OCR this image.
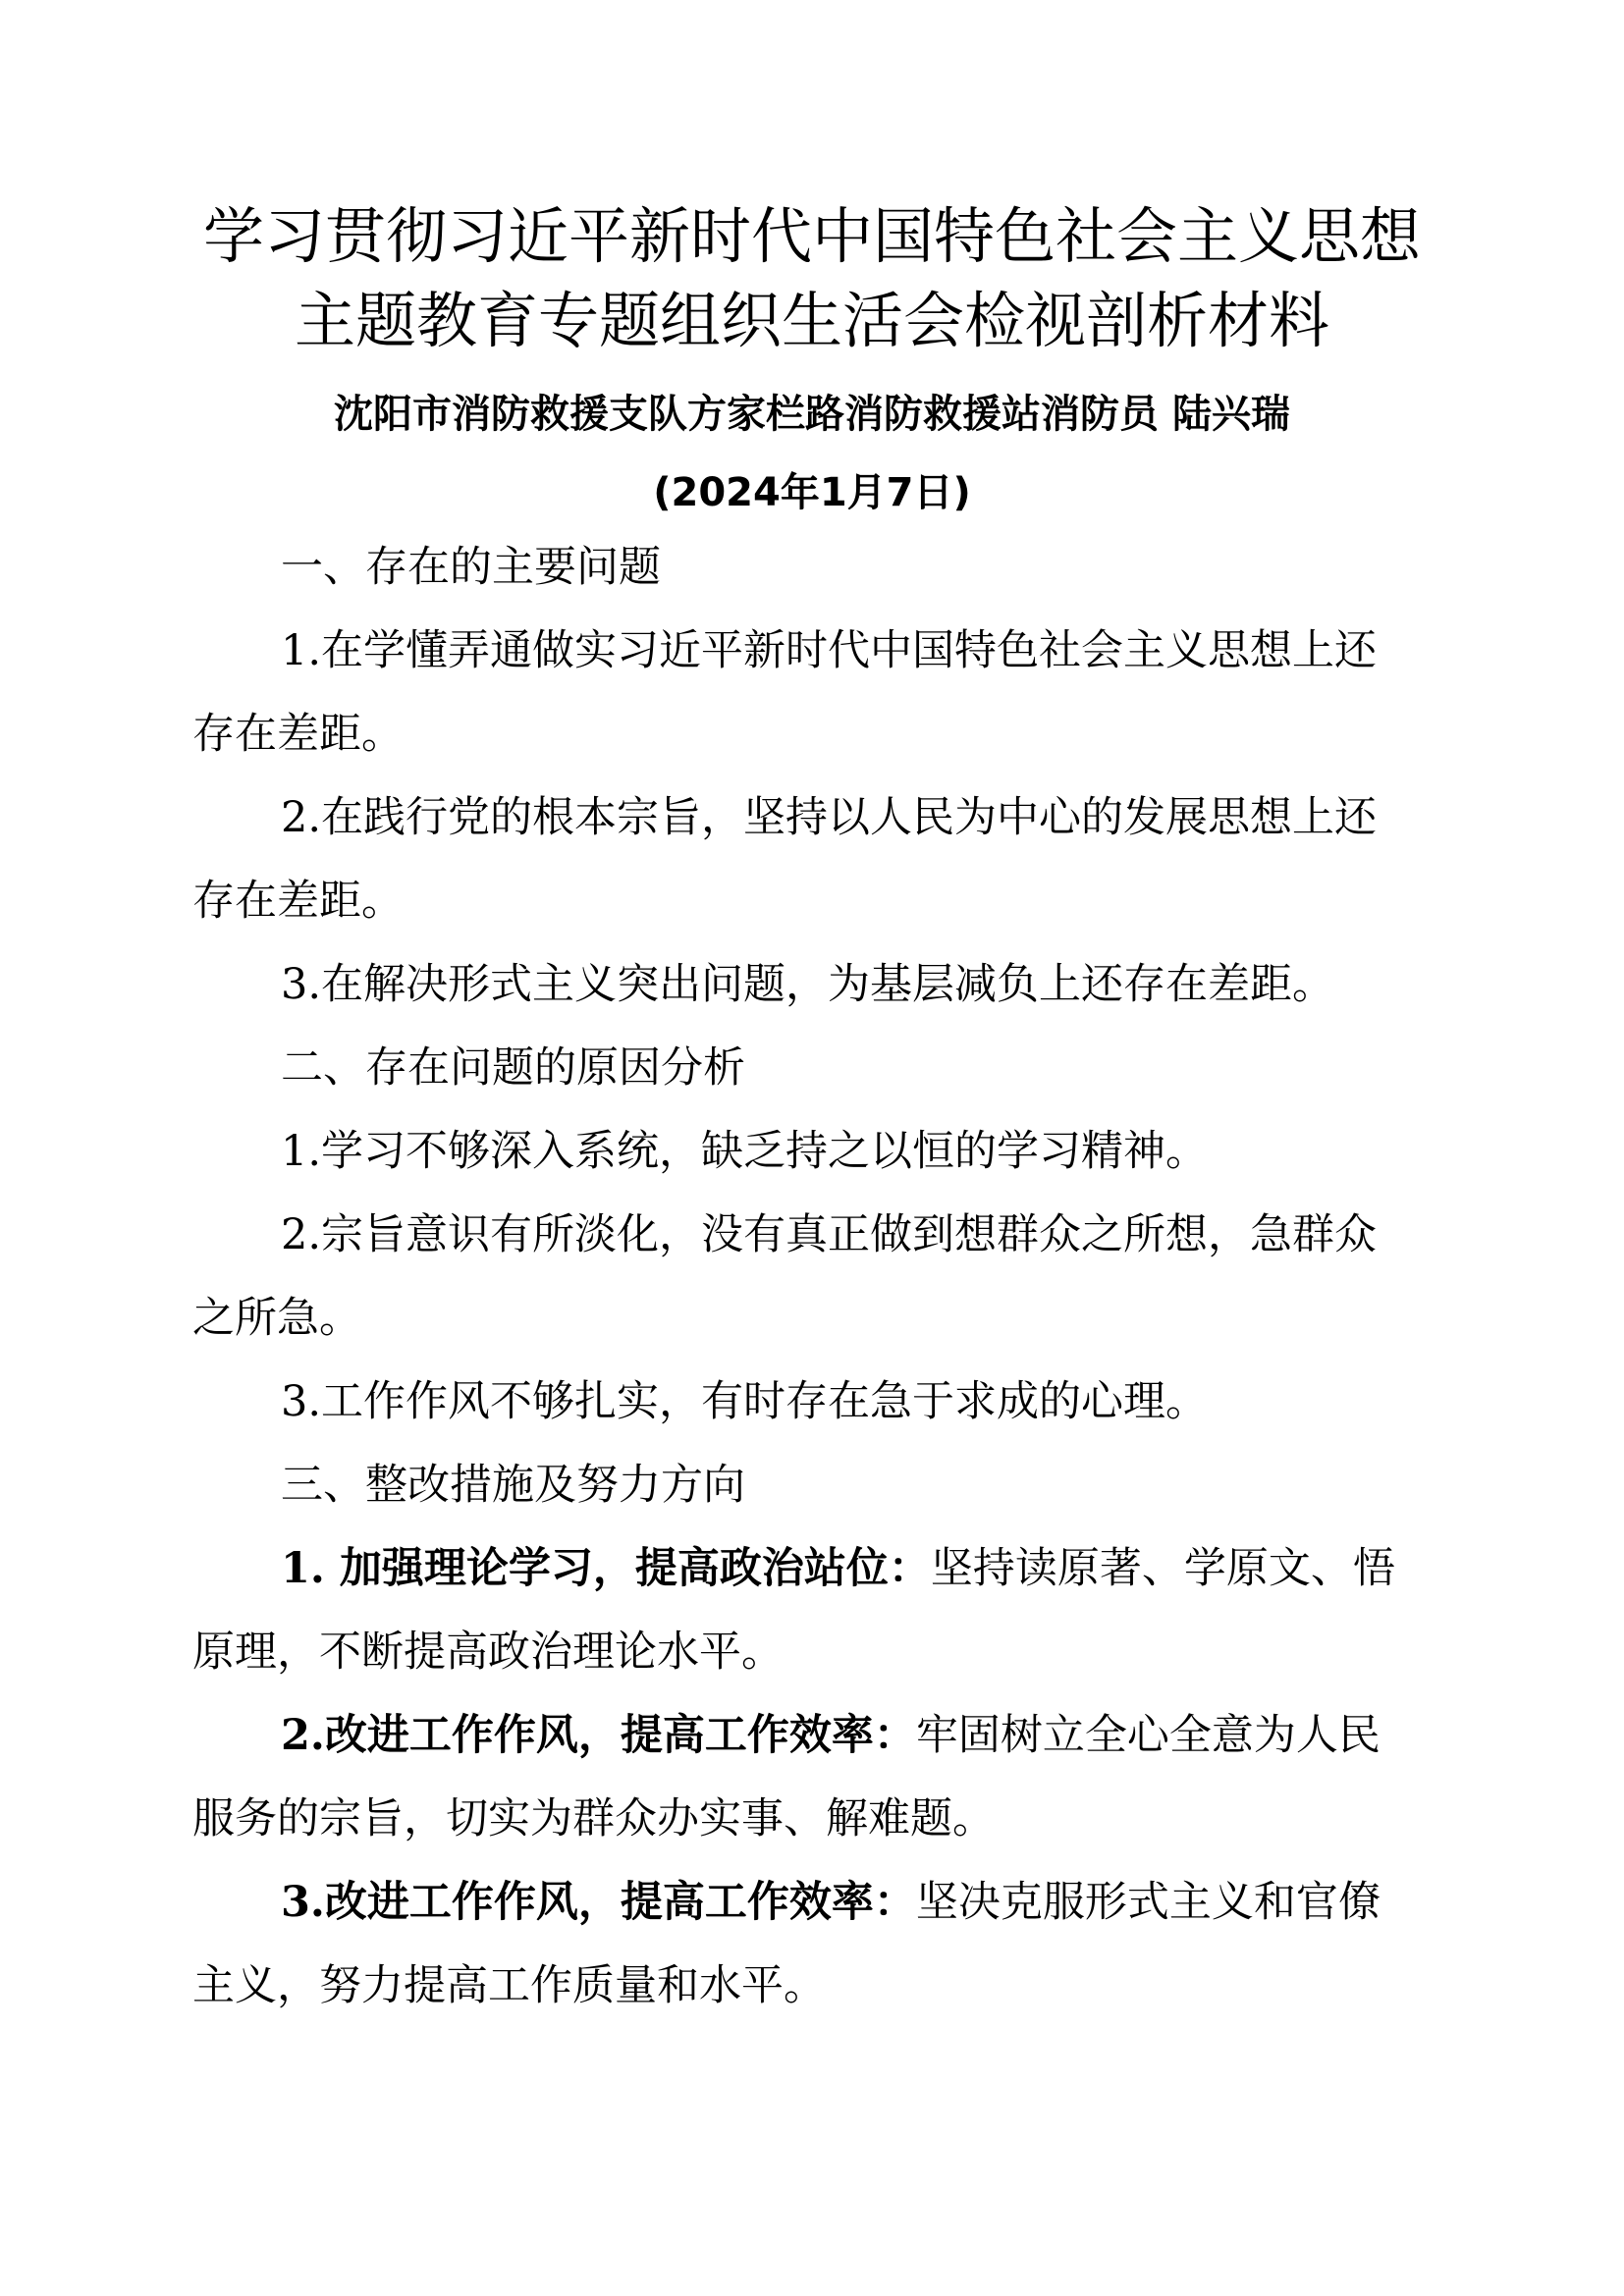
学习贯彻习近平新时代中国特色社会主义思想
主题教育专题组织生活会检视剖析材料
沈阳市消防救援支队方家栏路消防救援站消防员 陆兴瑞
(2024年1月7日)
一、存在的主要问题
1.在学懂弄通做实习近平新时代中国特色社会主义思想上还
存在差距。
2.在践行党的根本宗旨，坚持以人民为中心的发展思想上还
存在差距。
3.在解决形式主义突出问题，为基层减负上还存在差距。
二、存在问题的原因分析
1.学习不够深入系统，缺乏持之以恒的学习精神。
2.宗旨意识有所淡化，没有真正做到想群众之所想，急群众
之所急。
3.工作作风不够扎实，有时存在急于求成的心理。
三、整改措施及努力方向
1. 加强理论学习，提高政治站位：坚持读原著、学原文、悟
原理，不断提高政治理论水平。
2.改进工作作风，提高工作效率：牢固树立全心全意为人民
服务的宗旨，切实为群众办实事、解难题。
3.改进工作作风，提高工作效率：坚决克服形式主义和官僚
主义，努力提高工作质量和水平。
